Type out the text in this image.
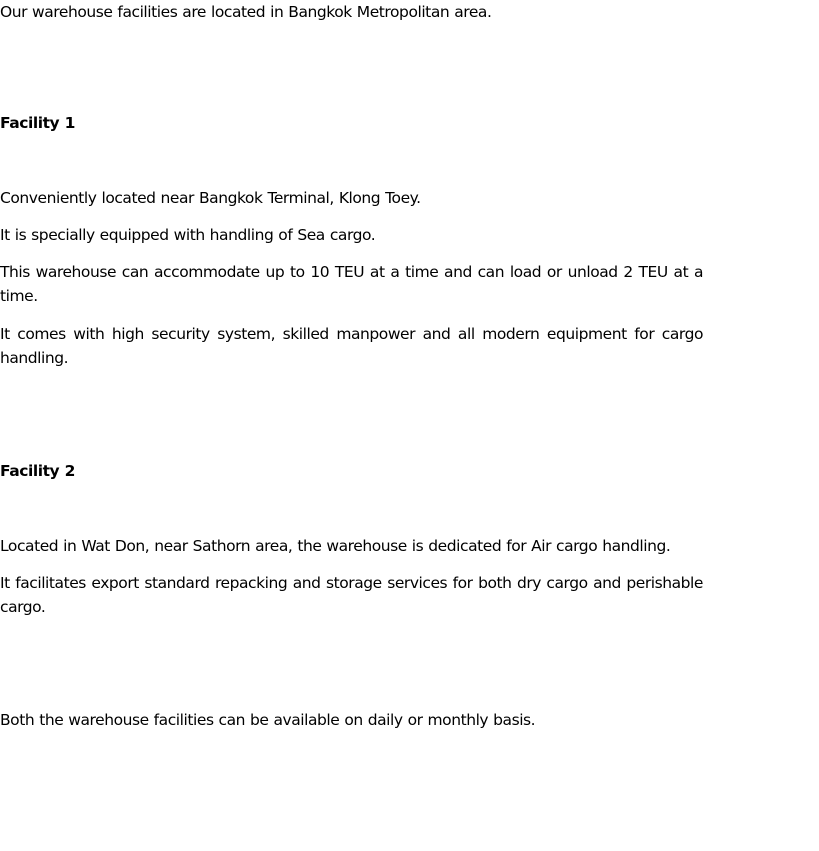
Our warehouse facilities are located in Bangkok Metropolitan area.

Facility 1

Conveniently located near Bangkok Terminal, Klong Toey.

It is specially equipped with handling of Sea cargo.

This warehouse can accommodate up to 10 TEU at a time and can load or unload 2 TEU at a time.

It comes with high security system, skilled manpower and all modern equipment for cargo handling.

Facility 2

Located in Wat Don, near Sathorn area, the warehouse is dedicated for Air cargo handling.

It facilitates export standard repacking and storage services for both dry cargo and perishable cargo.

Both the warehouse facilities can be available on daily or monthly basis.
